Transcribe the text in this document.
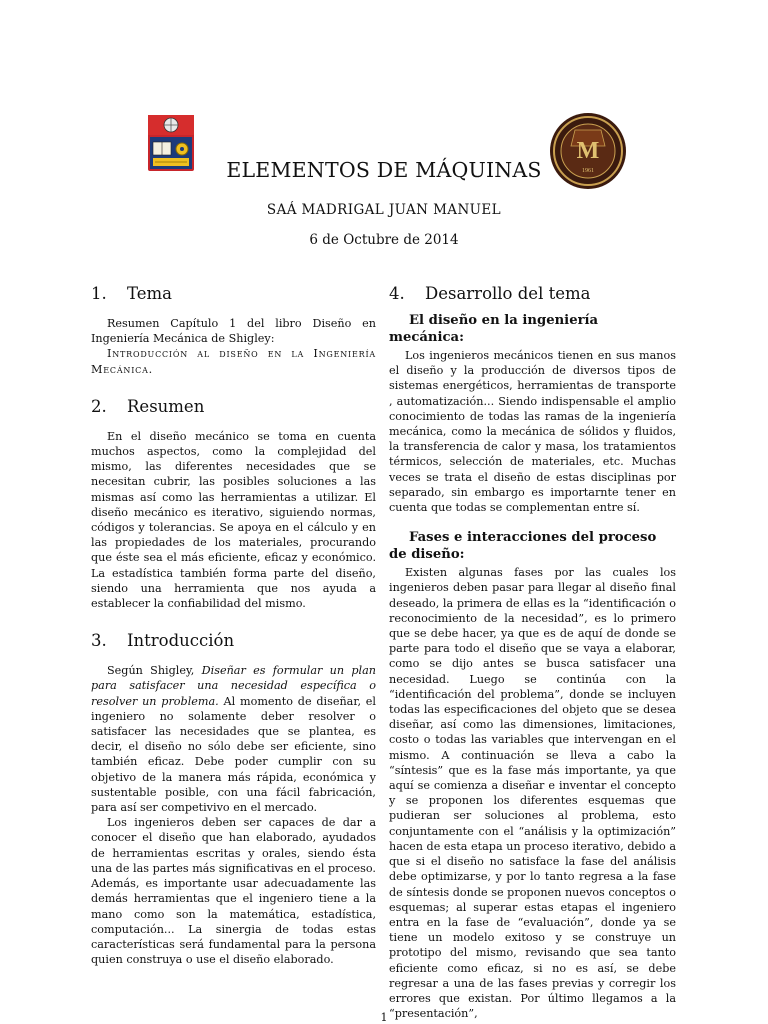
M
1961
ELEMENTOS DE MÁQUINAS
SAÁ MADRIGAL JUAN MANUEL
6 de Octubre de 2014
1.	Tema

Resumen Capítulo 1 del libro Diseño en Ingeniería Mecánica de Shigley:

Introducción al diseño en la Ingeniería Mecánica.

2.	Resumen

En el diseño mecánico se toma en cuenta muchos aspectos, como la complejidad del mismo, las diferentes necesidades que se necesitan cubrir, las posibles soluciones a las mismas así como las herramientas a utilizar. El diseño mecánico es iterativo, siguiendo normas, códigos y tolerancias. Se apoya en el cálculo y en las propiedades de los materiales, procurando que éste sea el más eficiente, eficaz y económico. La estadística también forma parte del diseño, siendo una herramienta que nos ayuda a establecer la confiabilidad del mismo.

3.	Introducción

Según Shigley, Diseñar es formular un plan para satisfacer una necesidad específica o resolver un problema. Al momento de diseñar, el ingeniero no solamente deber resolver o satisfacer las necesidades que se plantea, es decir, el diseño no sólo debe ser eficiente, sino también eficaz. Debe poder cumplir con su objetivo de la manera más rápida, económica y sustentable posible, con una fácil fabricación, para así ser competivivo en el mercado.

Los ingenieros deben ser capaces de dar a conocer el diseño que han elaborado, ayudados de herramientas escritas y orales, siendo ésta una de las partes más significativas en el proceso. Además, es importante usar adecuadamente las demás herramientas que el ingeniero tiene a la mano como son la matemática, estadística, computación... La sinergia de todas estas características será fundamental para la persona quien construya o use el diseño elaborado.

4.	Desarrollo del tema
El diseño en la ingeniería mecánica:

Los ingenieros mecánicos tienen en sus manos el diseño y la producción de diversos tipos de sistemas energéticos, herramientas de transporte , automatización... Siendo indispensable el amplio conocimiento de todas las ramas de la ingeniería mecánica, como la mecánica de sólidos y fluidos, la transferencia de calor y masa, los tratamientos térmicos, selección de materiales, etc. Muchas veces se trata el diseño de estas disciplinas por separado, sin embargo es importarnte tener en cuenta que todas se complementan entre sí.

Fases e interacciones del proceso de diseño:

Existen algunas fases por las cuales los ingenieros deben pasar para llegar al diseño final deseado, la primera de ellas es la “identificación o reconocimiento de la necesidad”, es lo primero que se debe hacer, ya que es de aquí de donde se parte para todo el diseño que se vaya a elaborar, como se dijo antes se busca satisfacer una necesidad. Luego se continúa con la “identificación del problema”, donde se incluyen todas las especificaciones del objeto que se desea diseñar, así como las dimensiones, limitaciones, costo o todas las variables que intervengan en el mismo. A continuación se lleva a cabo la “síntesis” que es la fase más importante, ya que aquí se comienza a diseñar e inventar el concepto y se proponen los diferentes esquemas que pudieran ser soluciones al problema, esto conjuntamente con el “análisis y la optimización” hacen de esta etapa un proceso iterativo, debido a que si el diseño no satisface la fase del análisis debe optimizarse, y por lo tanto regresa a la fase de síntesis donde se proponen nuevos conceptos o esquemas; al superar estas etapas el ingeniero entra en la fase de “evaluación”, donde ya se tiene un modelo exitoso y se construye un prototipo del mismo, revisando que sea tanto eficiente como eficaz, si no es así, se debe regresar a una de las fases previas y corregir los errores que existan. Por último llegamos a la “presentación”,

1
